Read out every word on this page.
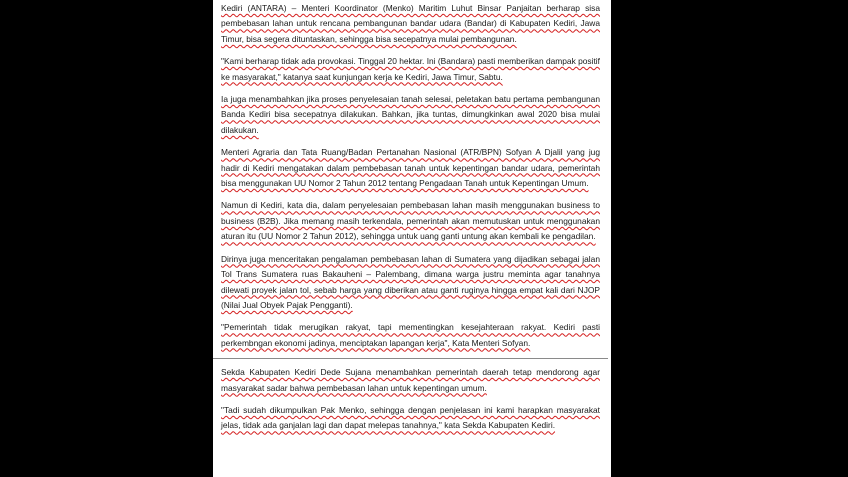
Kediri (ANTARA) – Menteri Koordinator (Menko) Maritim Luhut Binsar Panjaitan berharap sisa pembebasan lahan untuk rencana pembangunan bandar udara (Bandar) di Kabupaten Kediri, Jawa Timur, bisa segera dituntaskan, sehingga bisa secepatnya mulai pembangunan.

"Kami berharap tidak ada provokasi. Tinggal 20 hektar. Ini (Bandara) pasti memberikan dampak positif ke masyarakat," katanya saat kunjungan kerja ke Kediri, Jawa Timur, Sabtu.

Ia juga menambahkan jika proses penyelesaian tanah selesai, peletakan batu pertama pembangunan Banda Kediri bisa secepatnya dilakukan. Bahkan, jika tuntas, dimungkinkan awal 2020 bisa mulai dilakukan.

Menteri Agraria dan Tata Ruang/Badan Pertanahan Nasional (ATR/BPN) Sofyan A Djalil yang jug hadir di Kediri mengatakan dalam pembebasan tanah untuk kepentingan bandar udara, pemerintah bisa menggunakan UU Nomor 2 Tahun 2012 tentang Pengadaan Tanah untuk Kepentingan Umum.

Namun di Kediri, kata dia, dalam penyelesaian pembebasan lahan masih menggunakan business to business (B2B). Jika memang masih terkendala, pemerintah akan memutuskan untuk menggunakan aturan itu (UU Nomor 2 Tahun 2012), sehingga untuk uang ganti untung akan kembali ke pengadilan.

Dirinya juga menceritakan pengalaman pembebasan lahan di Sumatera yang dijadikan sebagai jalan Tol Trans Sumatera ruas Bakauheni – Palembang, dimana warga justru meminta agar tanahnya dilewati proyek jalan tol, sebab harga yang diberikan atau ganti ruginya hingga empat kali dari NJOP (Nilai Jual Obyek Pajak Pengganti).

"Pemerintah tidak merugikan rakyat, tapi mementingkan kesejahteraan rakyat. Kediri pasti perkembngan ekonomi jadinya, menciptakan lapangan kerja", Kata Menteri Sofyan.

Sekda Kabupaten Kediri Dede Sujana menambahkan pemerintah daerah tetap mendorong agar masyarakat sadar bahwa pembebasan lahan untuk kepentingan umum.

"Tadi sudah dikumpulkan Pak Menko, sehingga dengan penjelasan ini kami harapkan masyarakat jelas, tidak ada ganjalan lagi dan dapat melepas tanahnya," kata Sekda Kabupaten Kediri.
